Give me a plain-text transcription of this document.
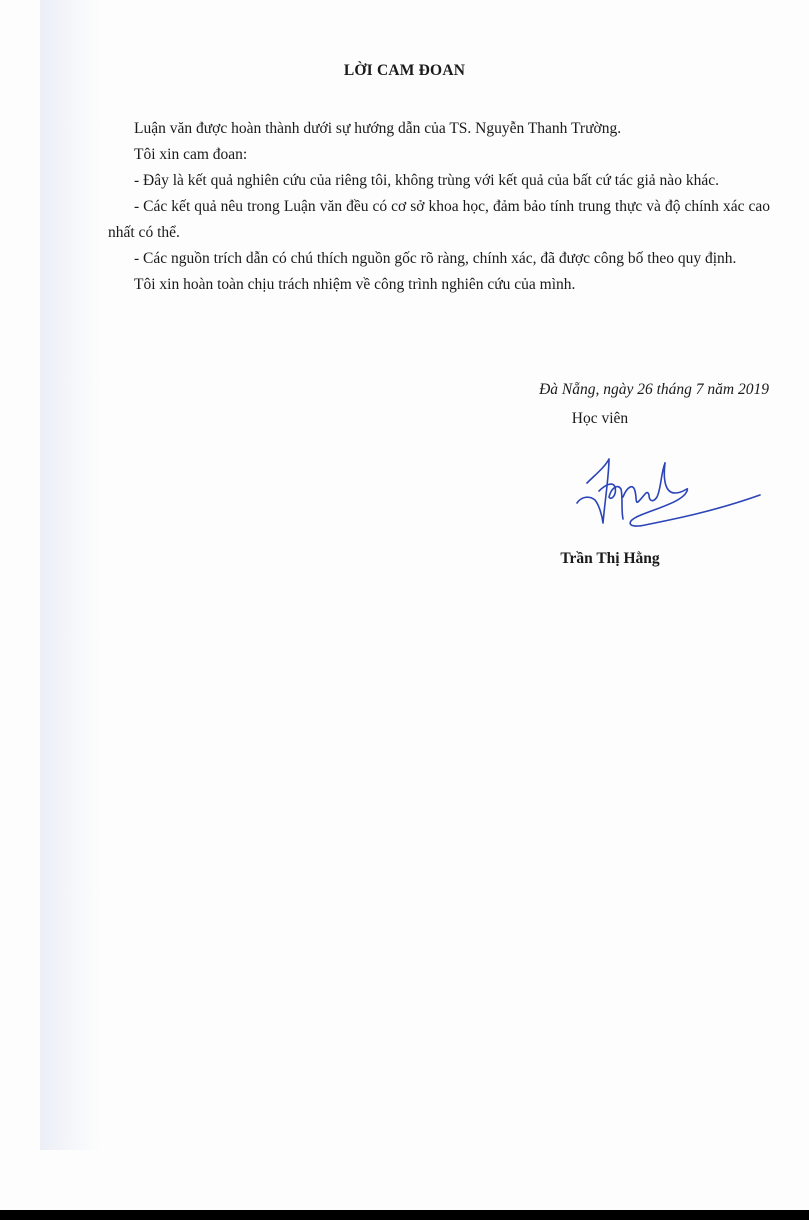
LỜI CAM ĐOAN

Luận văn được hoàn thành dưới sự hướng dẫn của TS. Nguyễn Thanh Trường.

Tôi xin cam đoan:

- Đây là kết quả nghiên cứu của riêng tôi, không trùng với kết quả của bất cứ tác giả nào khác.

- Các kết quả nêu trong Luận văn đều có cơ sở khoa học, đảm bảo tính trung thực và độ chính xác cao nhất có thể.

- Các nguồn trích dẫn có chú thích nguồn gốc rõ ràng, chính xác, đã được công bố theo quy định.

Tôi xin hoàn toàn chịu trách nhiệm về công trình nghiên cứu của mình.

Đà Nẵng, ngày 26 tháng 7 năm 2019
Học viên
Trần Thị Hằng
